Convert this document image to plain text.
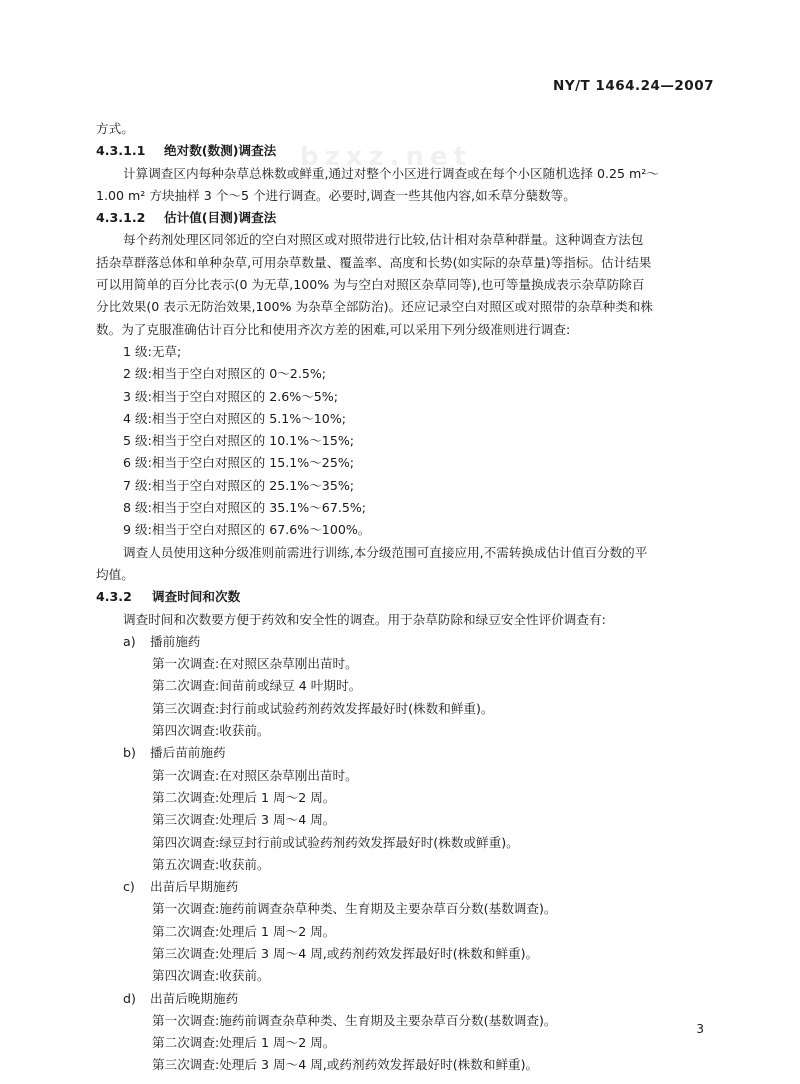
bzxz.net
NY/T 1464.24—2007
方式。
4.3.1.1	绝对数(数测)调查法
计算调查区内每种杂草总株数或鲜重,通过对整个小区进行调查或在每个小区随机选择 0.25 m²～
1.00 m² 方块抽样 3 个～5 个进行调查。必要时,调查一些其他内容,如禾草分蘖数等。
4.3.1.2	估计值(目测)调查法
每个药剂处理区同邻近的空白对照区或对照带进行比较,估计相对杂草种群量。这种调查方法包
括杂草群落总体和单种杂草,可用杂草数量、覆盖率、高度和长势(如实际的杂草量)等指标。估计结果
可以用简单的百分比表示(0 为无草,100% 为与空白对照区杂草同等),也可等量换成表示杂草防除百
分比效果(0 表示无防治效果,100% 为杂草全部防治)。还应记录空白对照区或对照带的杂草种类和株
数。为了克服准确估计百分比和使用齐次方差的困难,可以采用下列分级准则进行调查:
1 级:无草;
2 级:相当于空白对照区的 0～2.5%;
3 级:相当于空白对照区的 2.6%～5%;
4 级:相当于空白对照区的 5.1%～10%;
5 级:相当于空白对照区的 10.1%～15%;
6 级:相当于空白对照区的 15.1%～25%;
7 级:相当于空白对照区的 25.1%～35%;
8 级:相当于空白对照区的 35.1%～67.5%;
9 级:相当于空白对照区的 67.6%～100%。
调查人员使用这种分级准则前需进行训练,本分级范围可直接应用,不需转换成估计值百分数的平
均值。
4.3.2	调查时间和次数
调查时间和次数要方便于药效和安全性的调查。用于杂草防除和绿豆安全性评价调查有:
a)	播前施药
第一次调查:在对照区杂草刚出苗时。
第二次调查:间苗前或绿豆 4 叶期时。
第三次调查:封行前或试验药剂药效发挥最好时(株数和鲜重)。
第四次调查:收获前。
b)	播后苗前施药
第一次调查:在对照区杂草刚出苗时。
第二次调查:处理后 1 周～2 周。
第三次调查:处理后 3 周～4 周。
第四次调查:绿豆封行前或试验药剂药效发挥最好时(株数或鲜重)。
第五次调查:收获前。
c)	出苗后早期施药
第一次调查:施药前调查杂草种类、生育期及主要杂草百分数(基数调查)。
第二次调查:处理后 1 周～2 周。
第三次调查:处理后 3 周～4 周,或药剂药效发挥最好时(株数和鲜重)。
第四次调查:收获前。
d)	出苗后晚期施药
第一次调查:施药前调查杂草种类、生育期及主要杂草百分数(基数调查)。
第二次调查:处理后 1 周～2 周。
第三次调查:处理后 3 周～4 周,或药剂药效发挥最好时(株数和鲜重)。
3
